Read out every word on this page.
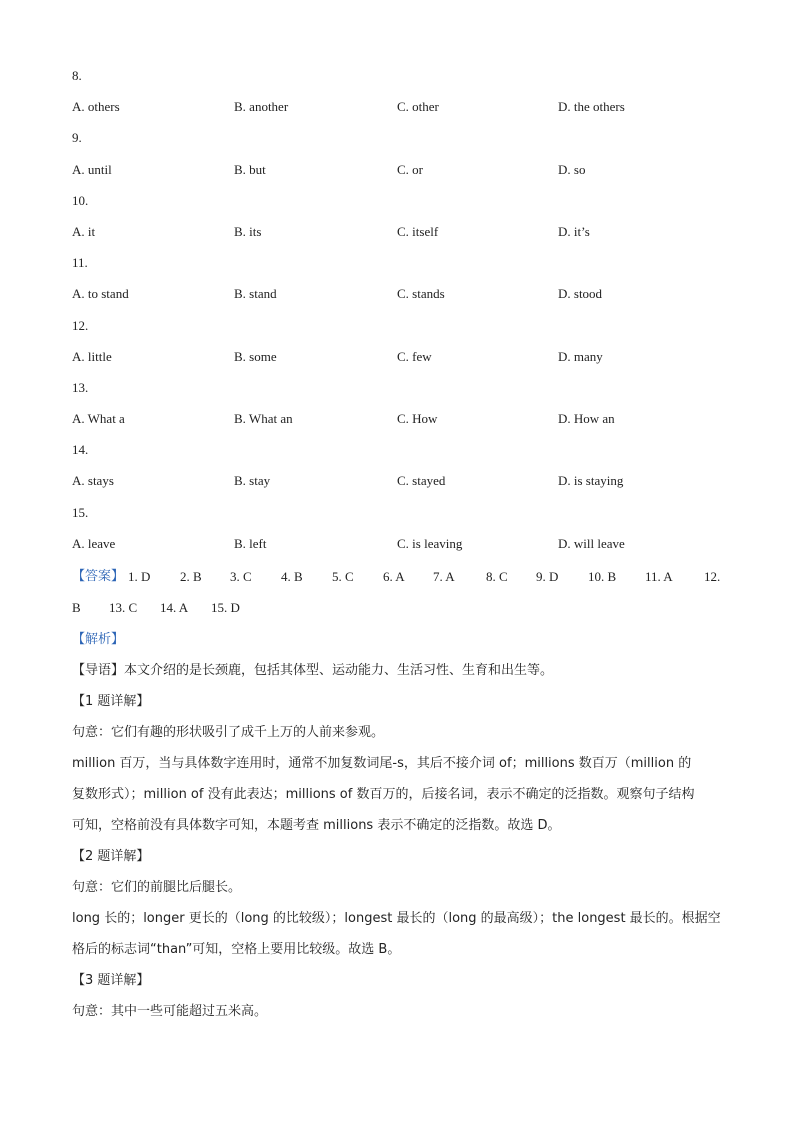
8.
A. others	B. another	C. other	D. the others
9.
A. until	B. but	C. or	D. so
10.
A. it	B. its	C. itself	D. it’s
11.
A. to stand	B. stand	C. stands	D. stood
12.
A. little	B. some	C. few	D. many
13.
A. What a	B. What an	C. How	D. How an
14.
A. stays	B. stay	C. stayed	D. is staying
15.
A. leave	B. left	C. is leaving	D. will leave
【答案】 1. D 2. B 3. C 4. B 5. C 6. A 7. A 8. C 9. D 10. B 11. A 12.
B 13. C 14. A 15. D
【解析】
【导语】本文介绍的是长颈鹿，包括其体型、运动能力、生活习性、生育和出生等。
【1 题详解】
句意：它们有趣的形状吸引了成千上万的人前来参观。
million 百万，当与具体数字连用时，通常不加复数词尾-s，其后不接介词 of；millions 数百万（million 的
复数形式）；million of 没有此表达；millions of 数百万的，后接名词，表示不确定的泛指数。观察句子结构
可知，空格前没有具体数字可知，本题考查 millions 表示不确定的泛指数。故选 D。
【2 题详解】
句意：它们的前腿比后腿长。
long 长的；longer 更长的（long 的比较级）；longest 最长的（long 的最高级）；the longest 最长的。根据空
格后的标志词“than”可知，空格上要用比较级。故选 B。
【3 题详解】
句意：其中一些可能超过五米高。
